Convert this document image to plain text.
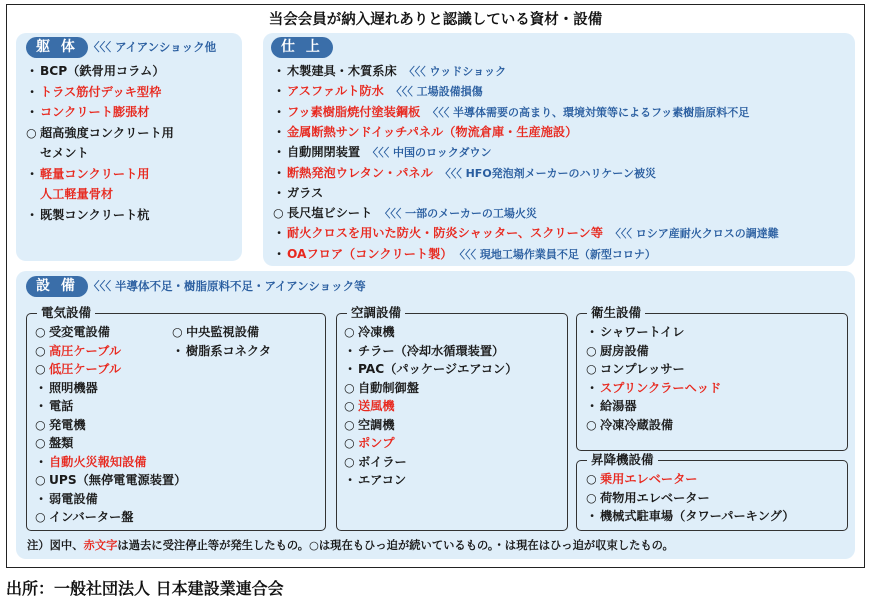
当会会員が納入遅れありと認識している資材・設備
躯 体 〈〈〈 アイアンショック他
・ BCP（鉄骨用コラム）
・ トラス筋付デッキ型枠
・ コンクリート膨張材
○ 超高強度コンクリート用
セメント
・ 軽量コンクリート用
人工軽量骨材
・ 既製コンクリート杭
仕 上
・ 木製建具・木質系床 〈〈〈 ウッドショック
・ アスファルト防水 〈〈〈 工場設備損傷
・ フッ素樹脂焼付塗装鋼板 〈〈〈 半導体需要の高まり、環境対策等によるフッ素樹脂原料不足
・ 金属断熱サンドイッチパネル（物流倉庫・生産施設）
・ 自動開閉装置 〈〈〈 中国のロックダウン
・ 断熱発泡ウレタン・パネル 〈〈〈 HFO発泡剤メーカーのハリケーン被災
・ ガラス
○ 長尺塩ビシート 〈〈〈 一部のメーカーの工場火災
・ 耐火クロスを用いた防火・防炎シャッター、スクリーン等 〈〈〈 ロシア産耐火クロスの調達難
・ OAフロア（コンクリート製） 〈〈〈 現地工場作業員不足（新型コロナ）
設 備 〈〈〈 半導体不足・樹脂原料不足・アイアンショック等
電気設備	空調設備	衛生設備
昇降機設備
○ 受変電設備
○ 高圧ケーブル
○ 低圧ケーブル
・ 照明機器
・ 電話
○ 発電機
○ 盤類
・ 自動火災報知設備
○ UPS（無停電電源装置）
・ 弱電設備
○ インバーター盤
○ 中央監視設備
・ 樹脂系コネクタ
○ 冷凍機
・ チラー（冷却水循環装置）
・ PAC（パッケージエアコン）
○ 自動制御盤
○ 送風機
○ 空調機
○ ポンプ
○ ボイラー
・ エアコン
・ シャワートイレ
○ 厨房設備
○ コンプレッサー
・ スプリンクラーヘッド
・ 給湯器
○ 冷凍冷蔵設備
○ 乗用エレベーター
○ 荷物用エレベーター
・ 機械式駐車場（タワーパーキング）
注）図中、赤文字は過去に受注停止等が発生したもの。○は現在もひっ迫が続いているもの。・は現在はひっ迫が収束したもの。
出所：一般社団法人 日本建設業連合会
